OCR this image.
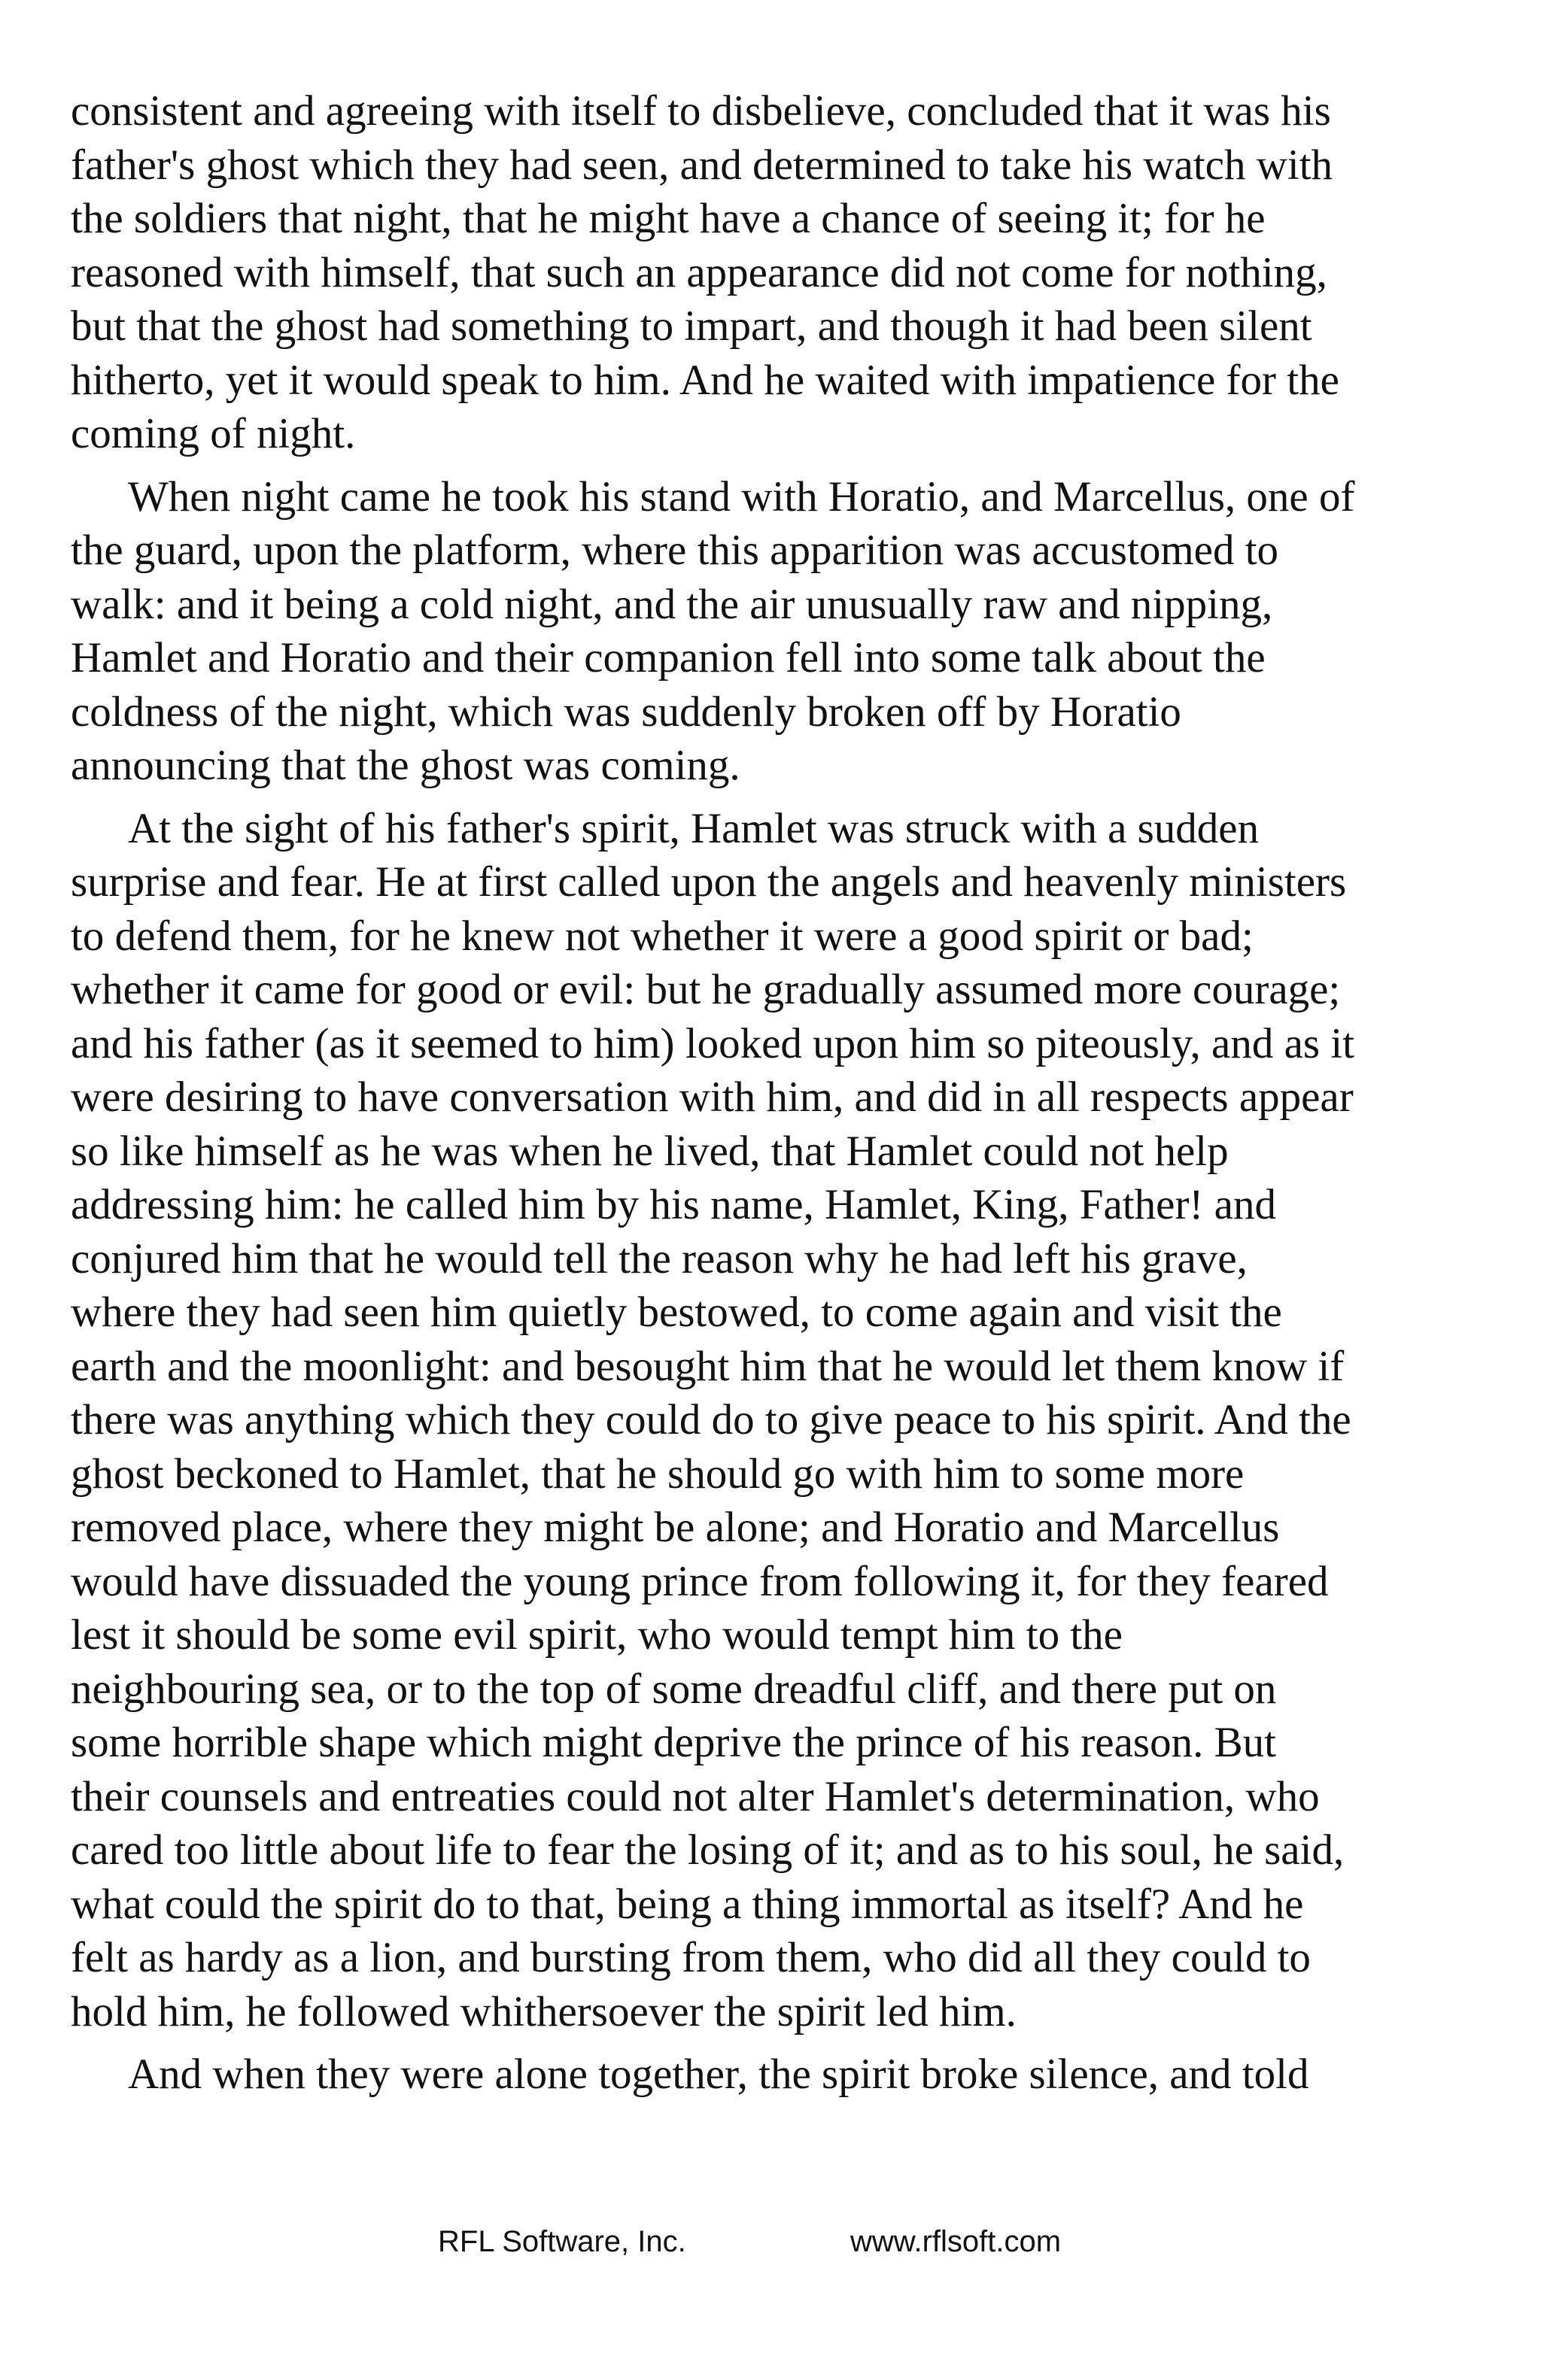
consistent and agreeing with itself to disbelieve, concluded that it was his
father's ghost which they had seen, and determined to take his watch with
the soldiers that night, that he might have a chance of seeing it; for he
reasoned with himself, that such an appearance did not come for nothing,
but that the ghost had something to impart, and though it had been silent
hitherto, yet it would speak to him. And he waited with impatience for the
coming of night.

When night came he took his stand with Horatio, and Marcellus, one of
the guard, upon the platform, where this apparition was accustomed to
walk: and it being a cold night, and the air unusually raw and nipping,
Hamlet and Horatio and their companion fell into some talk about the
coldness of the night, which was suddenly broken off by Horatio
announcing that the ghost was coming.

At the sight of his father's spirit, Hamlet was struck with a sudden
surprise and fear. He at first called upon the angels and heavenly ministers
to defend them, for he knew not whether it were a good spirit or bad;
whether it came for good or evil: but he gradually assumed more courage;
and his father (as it seemed to him) looked upon him so piteously, and as it
were desiring to have conversation with him, and did in all respects appear
so like himself as he was when he lived, that Hamlet could not help
addressing him: he called him by his name, Hamlet, King, Father! and
conjured him that he would tell the reason why he had left his grave,
where they had seen him quietly bestowed, to come again and visit the
earth and the moonlight: and besought him that he would let them know if
there was anything which they could do to give peace to his spirit. And the
ghost beckoned to Hamlet, that he should go with him to some more
removed place, where they might be alone; and Horatio and Marcellus
would have dissuaded the young prince from following it, for they feared
lest it should be some evil spirit, who would tempt him to the
neighbouring sea, or to the top of some dreadful cliff, and there put on
some horrible shape which might deprive the prince of his reason. But
their counsels and entreaties could not alter Hamlet's determination, who
cared too little about life to fear the losing of it; and as to his soul, he said,
what could the spirit do to that, being a thing immortal as itself? And he
felt as hardy as a lion, and bursting from them, who did all they could to
hold him, he followed whithersoever the spirit led him.

And when they were alone together, the spirit broke silence, and told

RFL Software, Inc.	www.rflsoft.com
